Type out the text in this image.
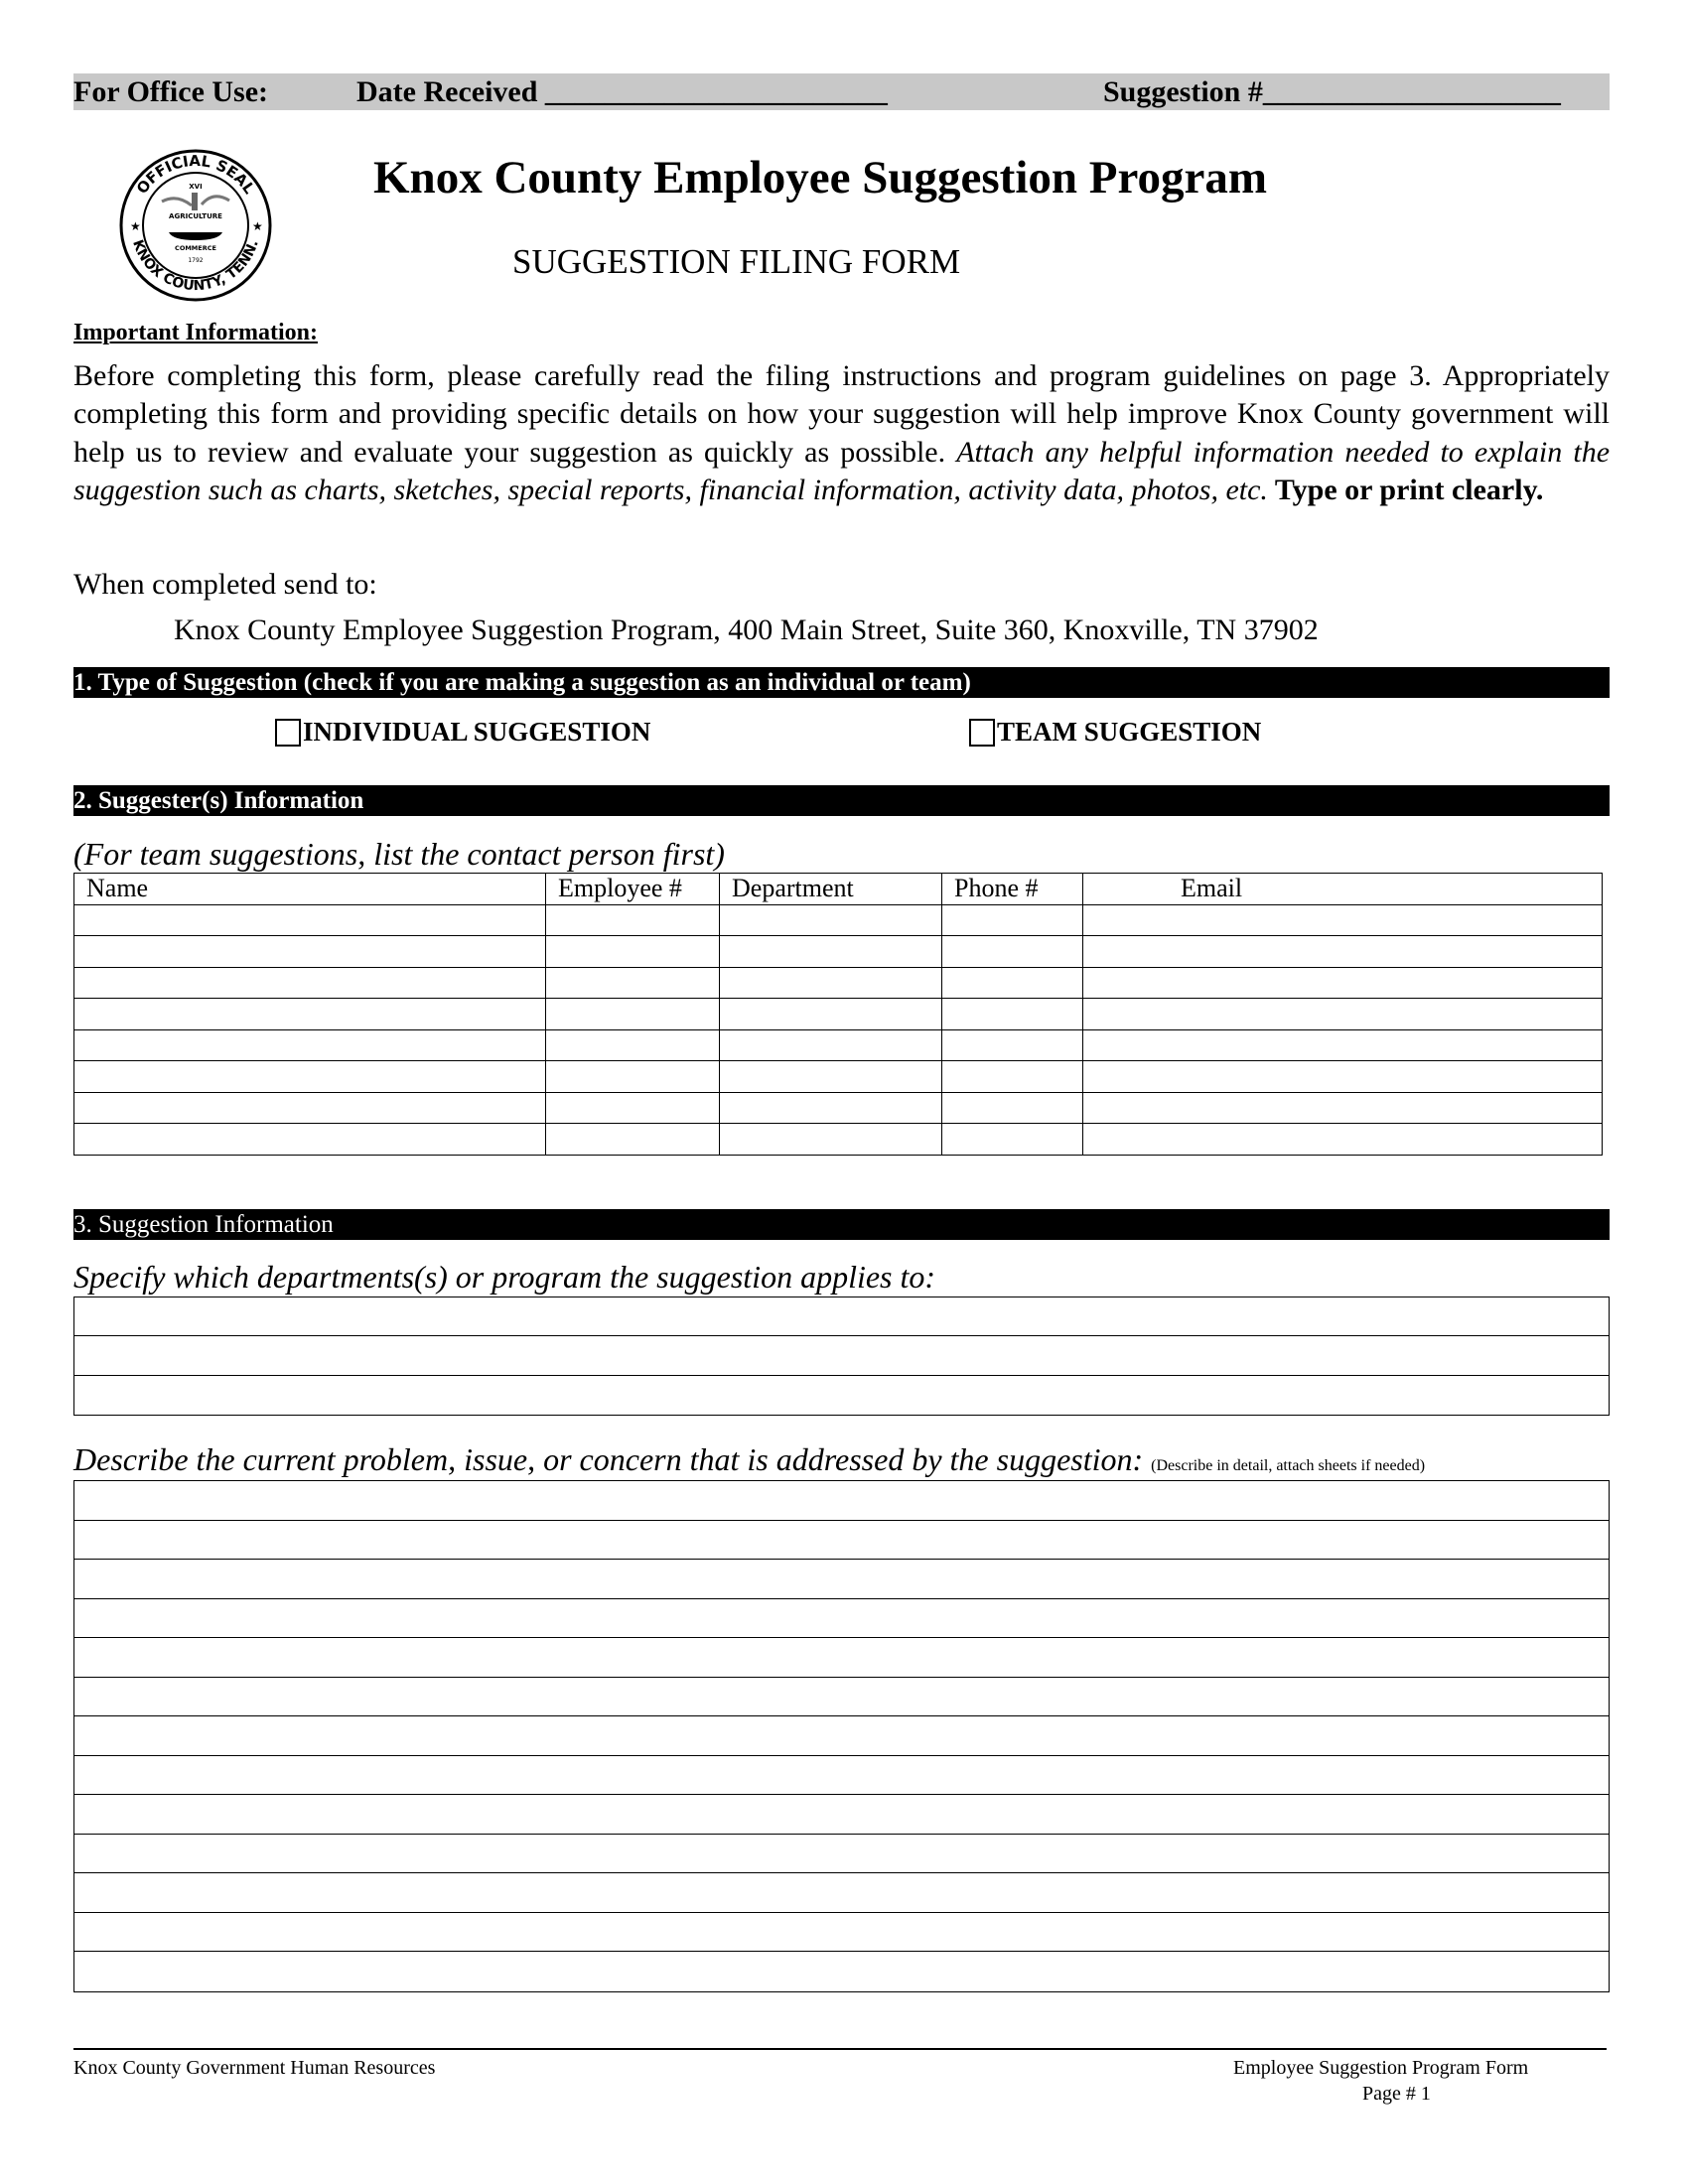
For Office Use:	Date Received _______________________	Suggestion #____________________
OFFICIAL SEAL
KNOX COUNTY, TENN.
★	★
XVI
AGRICULTURE
COMMERCE
1792
Knox County Employee Suggestion Program
SUGGESTION FILING FORM
Important Information:
Before completing this form, please carefully read the filing instructions and program guidelines on page 3. Appropriately completing this form and providing specific details on how your suggestion will help improve Knox County government will help us to review and evaluate your suggestion as quickly as possible. Attach any helpful information needed to explain the suggestion such as charts, sketches, special reports, financial information, activity data, photos, etc. Type or print clearly.
When completed send to:
Knox County Employee Suggestion Program, 400 Main Street, Suite 360, Knoxville, TN 37902
1. Type of Suggestion (check if you are making a suggestion as an individual or team)
INDIVIDUAL SUGGESTION	TEAM SUGGESTION
2. Suggester(s) Information
(For team suggestions, list the contact person first)
Name	Employee #	Department	Phone #	Email

3. Suggestion Information
Specify which departments(s) or program the suggestion applies to:
Describe the current problem, issue, or concern that is addressed by the suggestion: (Describe in detail, attach sheets if needed)
Knox County Government Human Resources	Employee Suggestion Program Form
Page # 1
